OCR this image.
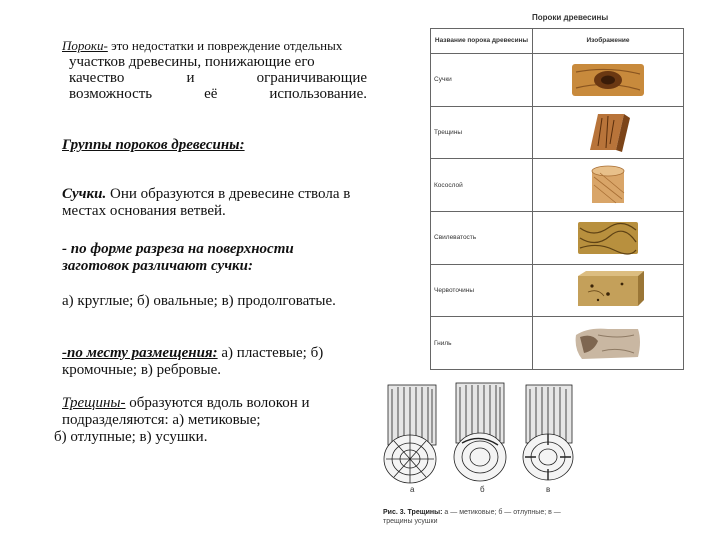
Пороки- это недостатки и повреждение отдельных
участков древесины, понижающие его
качество	и	ограничивающие
возможность	её	использование.
Группы пороков древесины:
Сучки. Они образуются в древесине ствола в местах основания ветвей.
- по форме разреза на поверхности заготовок различают сучки:
а) круглые; б) овальные; в) продолговатые.
-по месту размещения: а) пластевые; б) кромочные; в) ребровые.
Трещины- образуются вдоль волокон и подразделяются: а) метиковые;
б) отлупные; в) усушки.
Пороки древесины
Название порока древесины	Изображение
Сучки	

Трещины	

Косослой	

Свилеватость	

Червоточины	

Гниль	
а	б	в
Рис. 3. Трещины: а — метиковые; б — отлупные; в — трещины усушки
